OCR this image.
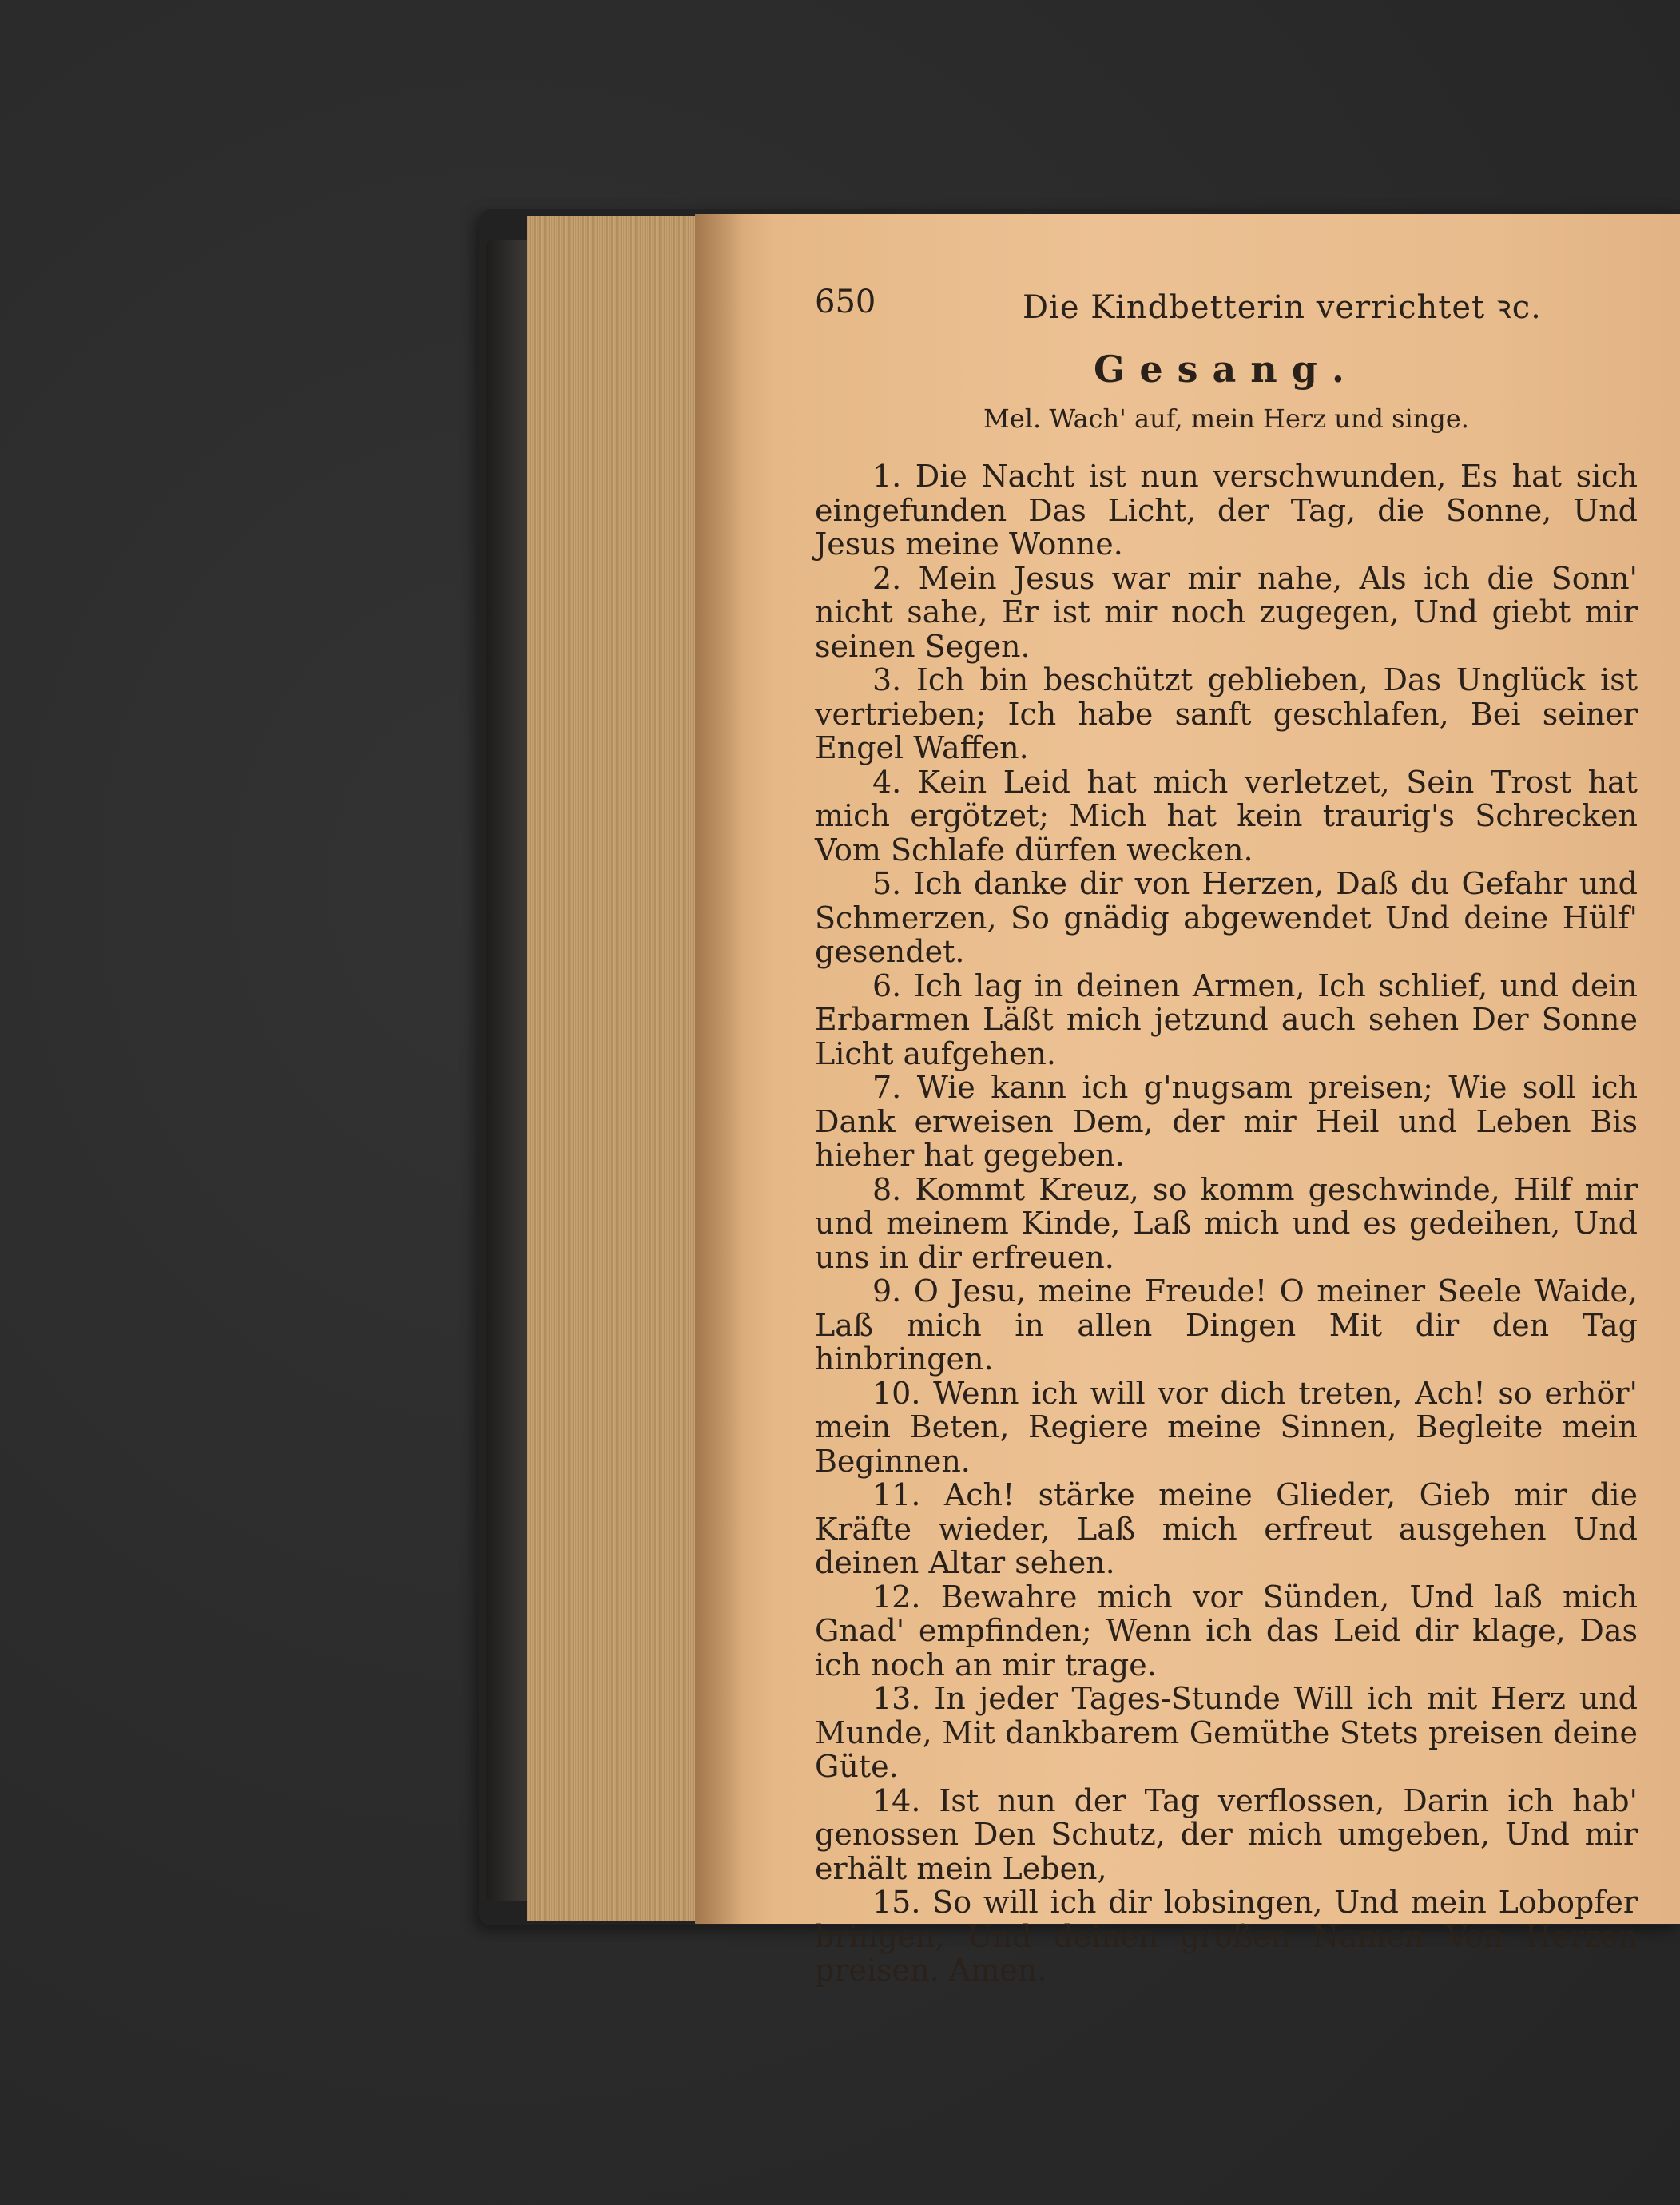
650	Die Kindbetterin verrichtet ꝛc.
Gesang.
Mel. Wach' auf, mein Herz und singe.

1. Die Nacht ist nun verschwunden, Es hat sich eingefunden Das Licht, der Tag, die Sonne, Und Jesus meine Wonne.

2. Mein Jesus war mir nahe, Als ich die Sonn' nicht sahe, Er ist mir noch zugegen, Und giebt mir seinen Segen.

3. Ich bin beschützt geblieben, Das Unglück ist vertrieben; Ich habe sanft geschlafen, Bei seiner Engel Waffen.

4. Kein Leid hat mich verletzet, Sein Trost hat mich ergötzet; Mich hat kein traurig's Schrecken Vom Schlafe dürfen wecken.

5. Ich danke dir von Herzen, Daß du Gefahr und Schmerzen, So gnädig abgewendet Und deine Hülf' gesendet.

6. Ich lag in deinen Armen, Ich schlief, und dein Erbarmen Läßt mich jetzund auch sehen Der Sonne Licht aufgehen.

7. Wie kann ich g'nugsam preisen; Wie soll ich Dank erweisen Dem, der mir Heil und Leben Bis hieher hat gegeben.

8. Kommt Kreuz, so komm geschwinde, Hilf mir und meinem Kinde, Laß mich und es gedeihen, Und uns in dir erfreuen.

9. O Jesu, meine Freude! O meiner Seele Waide, Laß mich in allen Dingen Mit dir den Tag hinbringen.

10. Wenn ich will vor dich treten, Ach! so erhör' mein Beten, Regiere meine Sinnen, Begleite mein Beginnen.

11. Ach! stärke meine Glieder, Gieb mir die Kräfte wieder, Laß mich erfreut ausgehen Und deinen Altar sehen.

12. Bewahre mich vor Sünden, Und laß mich Gnad' empfinden; Wenn ich das Leid dir klage, Das ich noch an mir trage.

13. In jeder Tages-Stunde Will ich mit Herz und Munde, Mit dankbarem Gemüthe Stets preisen deine Güte.

14. Ist nun der Tag verflossen, Darin ich hab' genossen Den Schutz, der mich umgeben, Und mir erhält mein Leben,

15. So will ich dir lobsingen, Und mein Lobopfer bringen, Und deinen großen Namen Von Herzen preisen. Amen.
